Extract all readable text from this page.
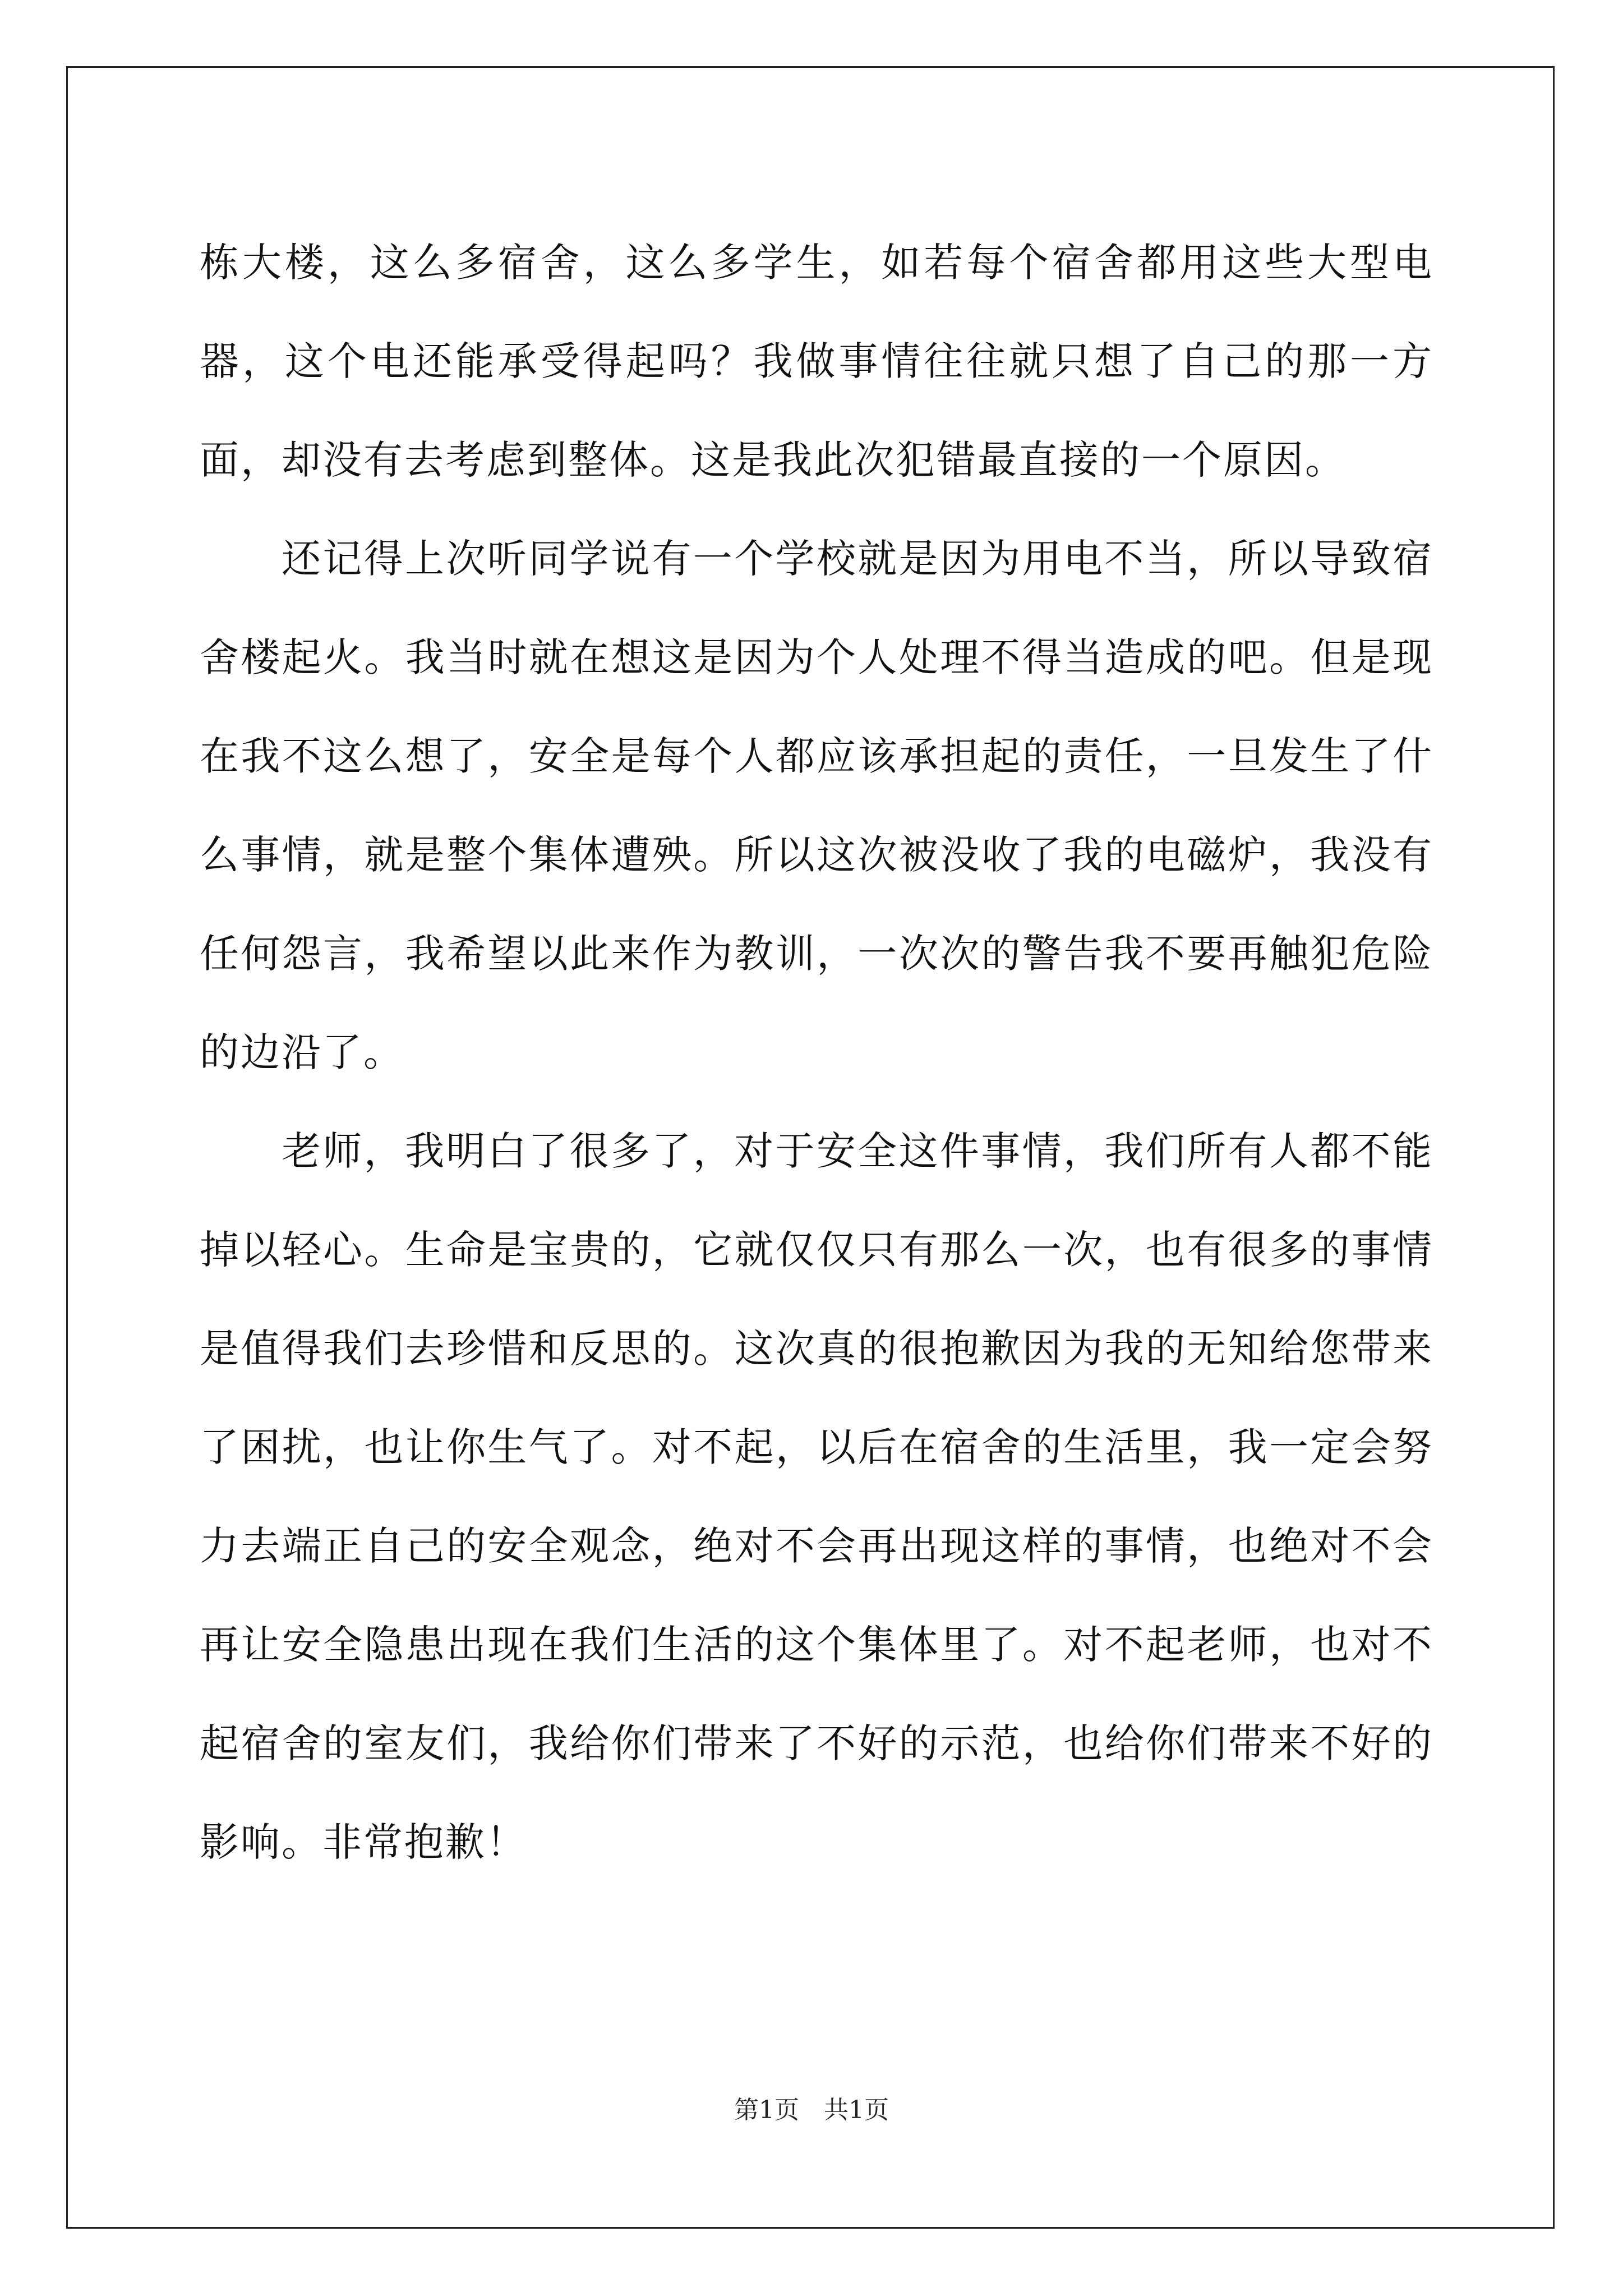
栋大楼，这么多宿舍，这么多学生，如若每个宿舍都用这些大型电器，这个电还能承受得起吗？我做事情往往就只想了自己的那一方面，却没有去考虑到整体。这是我此次犯错最直接的一个原因。

还记得上次听同学说有一个学校就是因为用电不当，所以导致宿舍楼起火。我当时就在想这是因为个人处理不得当造成的吧。但是现在我不这么想了，安全是每个人都应该承担起的责任，一旦发生了什么事情，就是整个集体遭殃。所以这次被没收了我的电磁炉，我没有任何怨言，我希望以此来作为教训，一次次的警告我不要再触犯危险的边沿了。

老师，我明白了很多了，对于安全这件事情，我们所有人都不能掉以轻心。生命是宝贵的，它就仅仅只有那么一次，也有很多的事情是值得我们去珍惜和反思的。这次真的很抱歉因为我的无知给您带来了困扰，也让你生气了。对不起，以后在宿舍的生活里，我一定会努力去端正自己的安全观念，绝对不会再出现这样的事情，也绝对不会再让安全隐患出现在我们生活的这个集体里了。对不起老师，也对不起宿舍的室友们，我给你们带来了不好的示范，也给你们带来不好的影响。非常抱歉！

第1页 共1页
